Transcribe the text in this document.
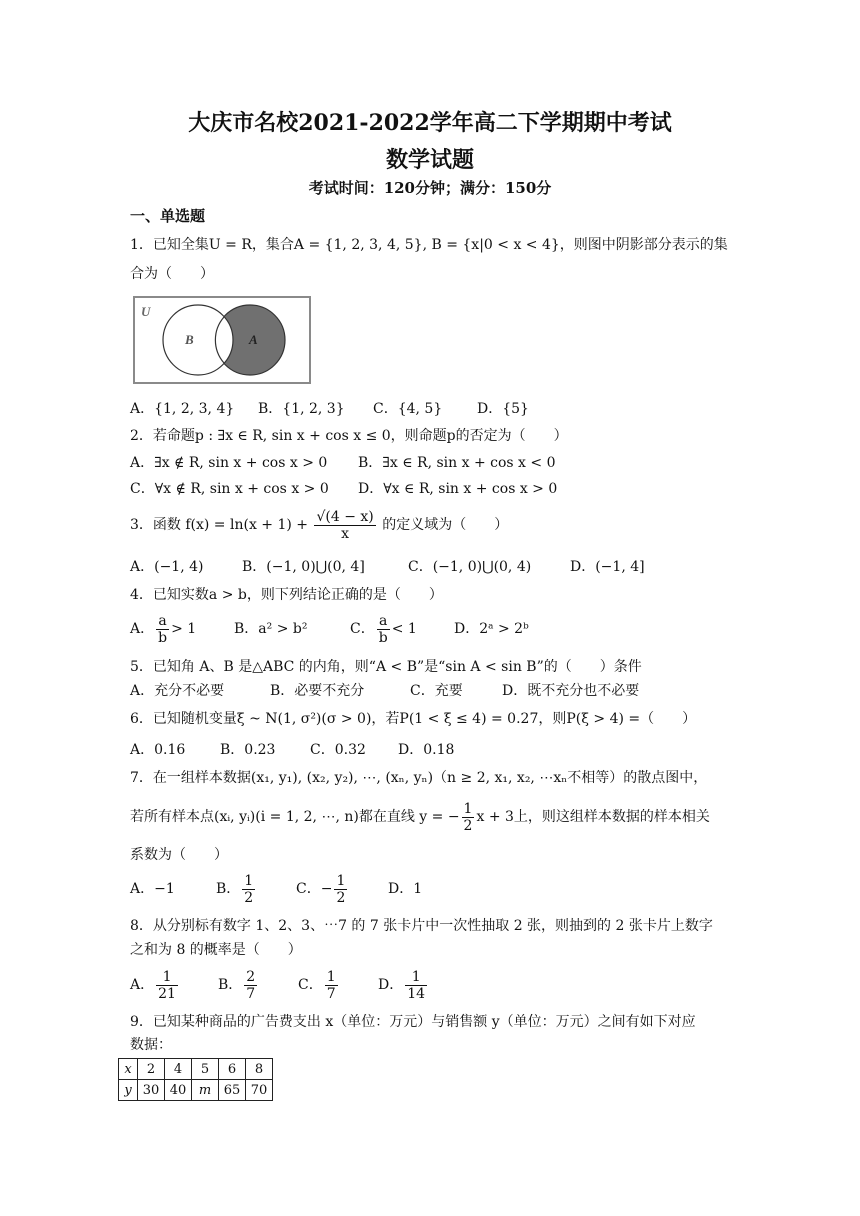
大庆市名校2021-2022学年高二下学期期中考试
数学试题
考试时间：120分钟；满分：150分
一、单选题
1．已知全集U = R，集合A = {1, 2, 3, 4, 5}, B = {x|0 < x < 4}，则图中阴影部分表示的集
合为（　　）
U
B	A
A．{1, 2, 3, 4} B．{1, 2, 3} C．{4, 5} D．{5}
2．若命题p : ∃x ∈ R, sin x + cos x ≤ 0，则命题p的否定为（　　）
A．∃x ∉ R, sin x + cos x > 0 B．∃x ∈ R, sin x + cos x < 0
C．∀x ∉ R, sin x + cos x > 0 D．∀x ∈ R, sin x + cos x > 0
3．函数 $f(x) = \ln(x + 1) + \frac{√(4 - x)}{x}$ 的定义域为（　　）
A．(−1, 4)	B．(−1, 0)⋃(0, 4]	C．(−1, 0)⋃(0, 4)	D．(−1, 4]
4．已知实数a > b，则下列结论正确的是（　　）
A． $\frac{a}{b} > 1$	B．a² > b²	C． $\frac{a}{b} < 1$	D．2ᵃ > 2ᵇ
5．已知角 A、B 是△ABC 的内角，则“A < B”是“sin A < sin B”的（　　）条件
A．充分不必要	B．必要不充分	C．充要	D．既不充分也不必要
6．已知随机变量ξ ~ N(1, σ²)(σ > 0)，若P(1 < ξ ≤ 4) = 0.27，则P(ξ > 4) =（　　）
A．0.16 B．0.23 C．0.32 D．0.18
7．在一组样本数据(x₁, y₁), (x₂, y₂), ⋯, (xₙ, yₙ)（n ≥ 2, x₁, x₂, ⋯xₙ不相等）的散点图中，
若所有样本点(xᵢ, yᵢ)(i = 1, 2, ⋯, n)都在直线 y = − $\frac{1}{2}$ x + 3上，则这组样本数据的样本相关
系数为（　　）
A．−1	B． $\frac{1}{2}$	C．− $\frac{1}{2}$	D．1
8．从分别标有数字 1、2、3、⋯7 的 7 张卡片中一次性抽取 2 张，则抽到的 2 张卡片上数字
之和为 8 的概率是（　　）
A． $\frac{1}{21}$	B． $\frac{2}{7}$	C． $\frac{1}{7}$	D． $\frac{1}{14}$
9．已知某种商品的广告费支出 x（单位：万元）与销售额 y（单位：万元）之间有如下对应
数据：
x	2	4	5	6	8
y	30	40	m	65	70
